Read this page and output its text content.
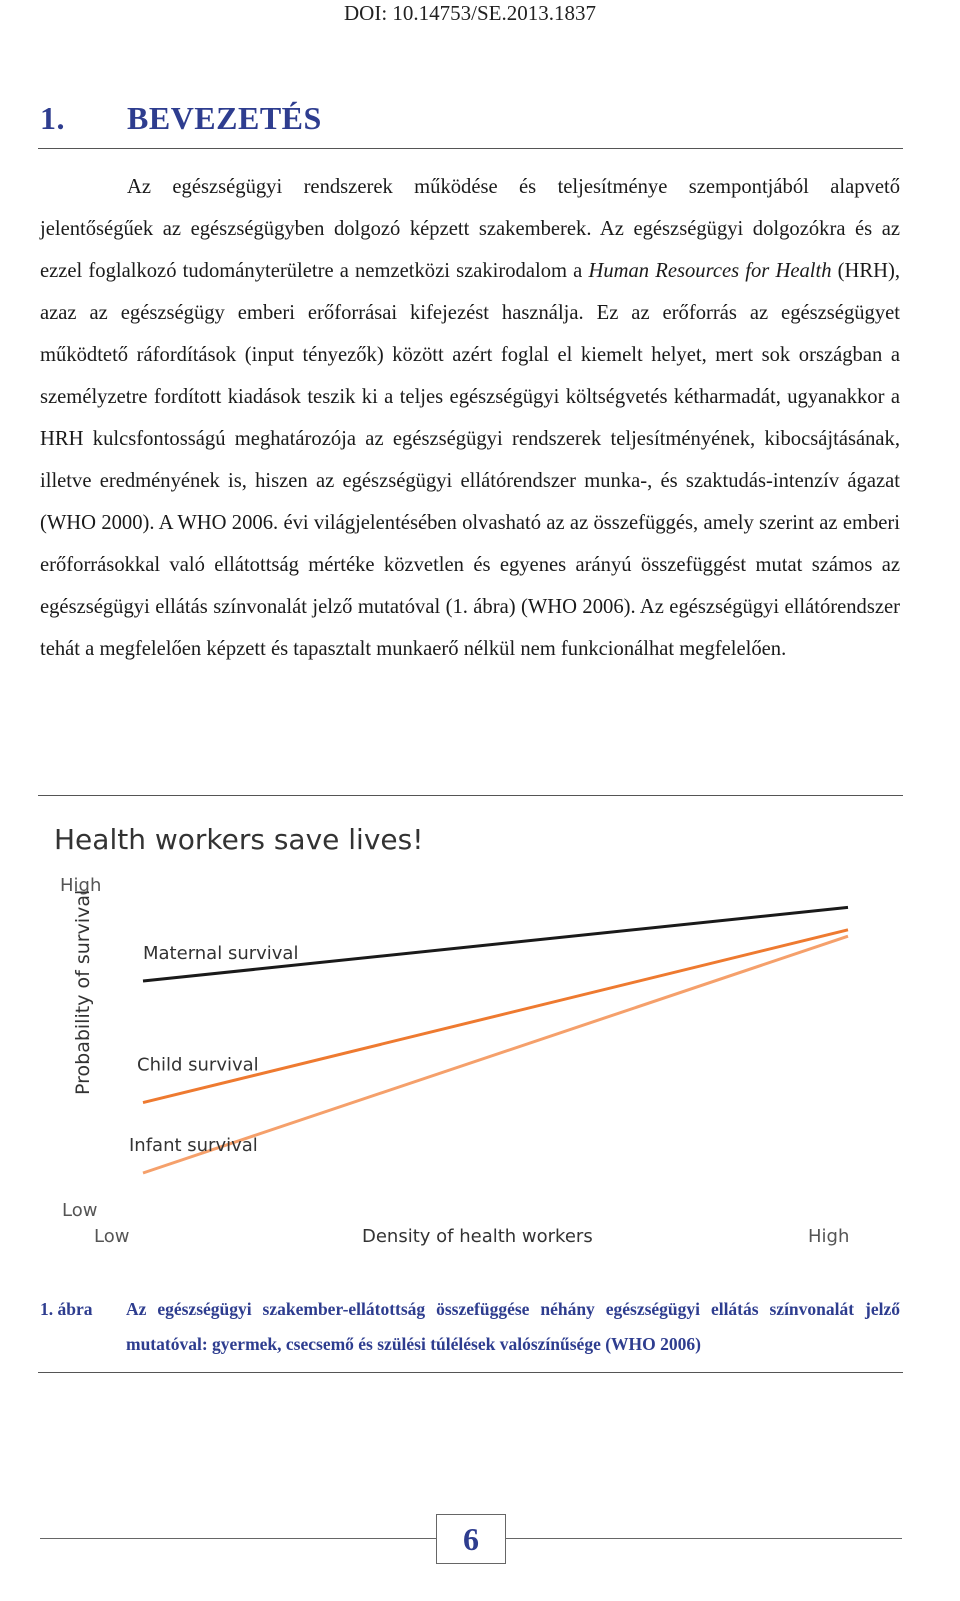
DOI: 10.14753/SE.2013.1837
1. BEVEZETÉS

Az egészségügyi rendszerek működése és teljesítménye szempontjából alapvető jelentőségűek az egészségügyben dolgozó képzett szakemberek. Az egészségügyi dolgozókra és az ezzel foglalkozó tudományterületre a nemzetközi szakirodalom a Human Resources for Health (HRH), azaz az egészségügy emberi erőforrásai kifejezést használja. Ez az erőforrás az egészségügyet működtető ráfordítások (input tényezők) között azért foglal el kiemelt helyet, mert sok országban a személyzetre fordított kiadások teszik ki a teljes egészségügyi költségvetés kétharmadát, ugyanakkor a HRH kulcsfontosságú meghatározója az egészségügyi rendszerek teljesítményének, kibocsájtásának, illetve eredményének is, hiszen az egészségügyi ellátórendszer munka-, és szaktudás-intenzív ágazat (WHO 2000). A WHO 2006. évi világjelentésében olvasható az az összefüggés, amely szerint az emberi erőforrásokkal való ellátottság mértéke közvetlen és egyenes arányú összefüggést mutat számos az egészségügyi ellátás színvonalát jelző mutatóval (1. ábra) (WHO 2006). Az egészségügyi ellátórendszer tehát a megfelelően képzett és tapasztalt munkaerő nélkül nem funkcionálhat megfelelően.

Health workers save lives!
High
Low
Probability of survival
Low	Density of health workers	High
Maternal survival
Child survival
Infant survival
1. ábra Az egészségügyi szakember-ellátottság összefüggése néhány egészségügyi ellátás színvonalát jelző mutatóval: gyermek, csecsemő és szülési túlélések valószínűsége (WHO 2006)
6
